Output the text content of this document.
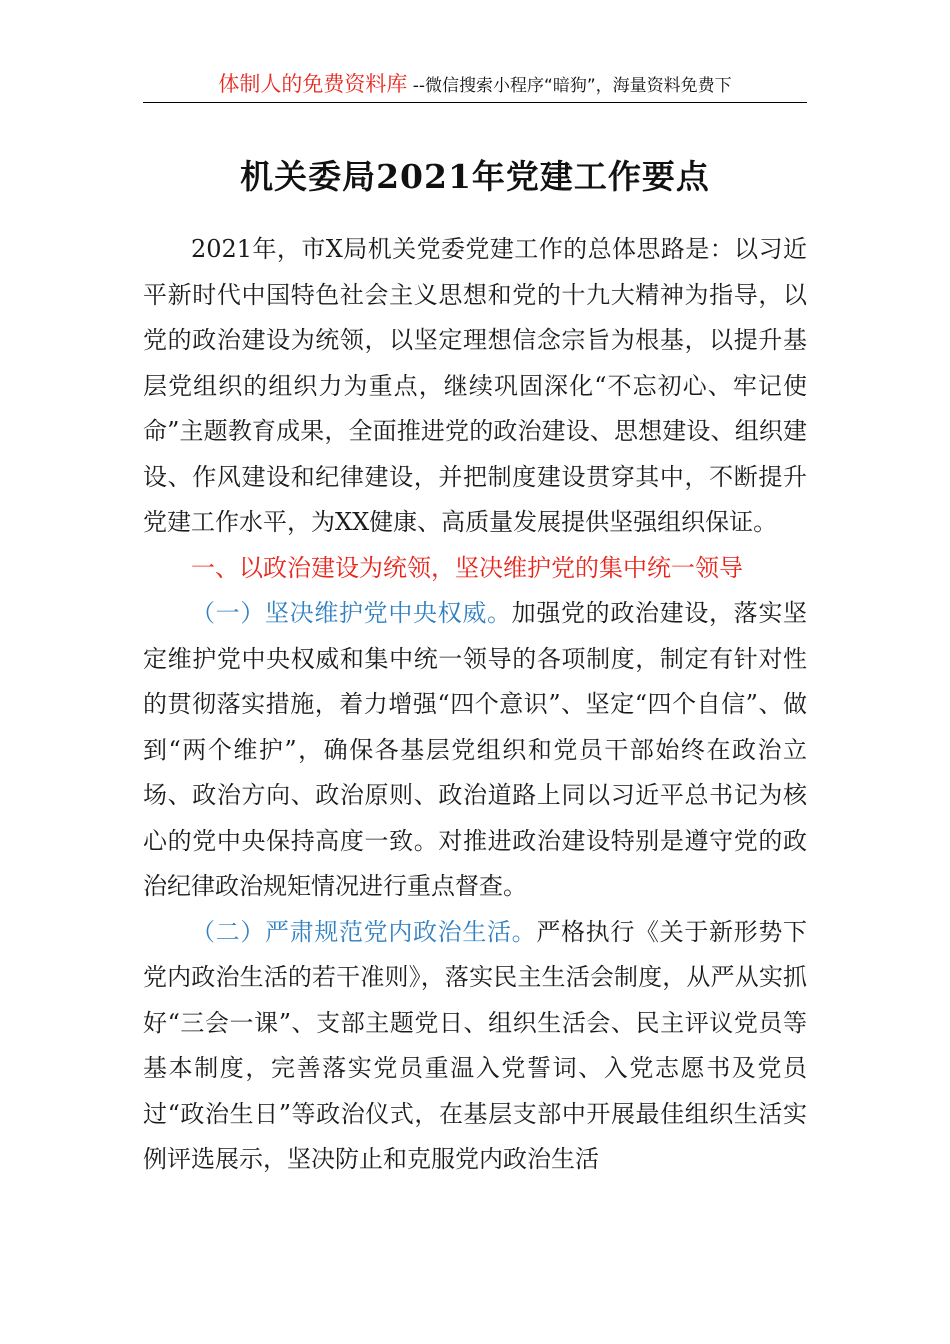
体制人的免费资料库 --微信搜索小程序“暗狗”，海量资料免费下
机关委局2021年党建工作要点

2021年，市X局机关党委党建工作的总体思路是：以习近平新时代中国特色社会主义思想和党的十九大精神为指导，以党的政治建设为统领，以坚定理想信念宗旨为根基，以提升基层党组织的组织力为重点，继续巩固深化“不忘初心、牢记使命”主题教育成果，全面推进党的政治建设、思想建设、组织建设、作风建设和纪律建设，并把制度建设贯穿其中，不断提升党建工作水平，为XX健康、高质量发展提供坚强组织保证。

一、以政治建设为统领，坚决维护党的集中统一领导

（一）坚决维护党中央权威。加强党的政治建设，落实坚定维护党中央权威和集中统一领导的各项制度，制定有针对性的贯彻落实措施，着力增强“四个意识”、坚定“四个自信”、做到“两个维护”，确保各基层党组织和党员干部始终在政治立场、政治方向、政治原则、政治道路上同以习近平总书记为核心的党中央保持高度一致。对推进政治建设特别是遵守党的政治纪律政治规矩情况进行重点督查。

（二）严肃规范党内政治生活。严格执行《关于新形势下党内政治生活的若干准则》，落实民主生活会制度，从严从实抓好“三会一课”、支部主题党日、组织生活会、民主评议党员等基本制度，完善落实党员重温入党誓词、入党志愿书及党员过“政治生日”等政治仪式，在基层支部中开展最佳组织生活实例评选展示，坚决防止和克服党内政治生活
